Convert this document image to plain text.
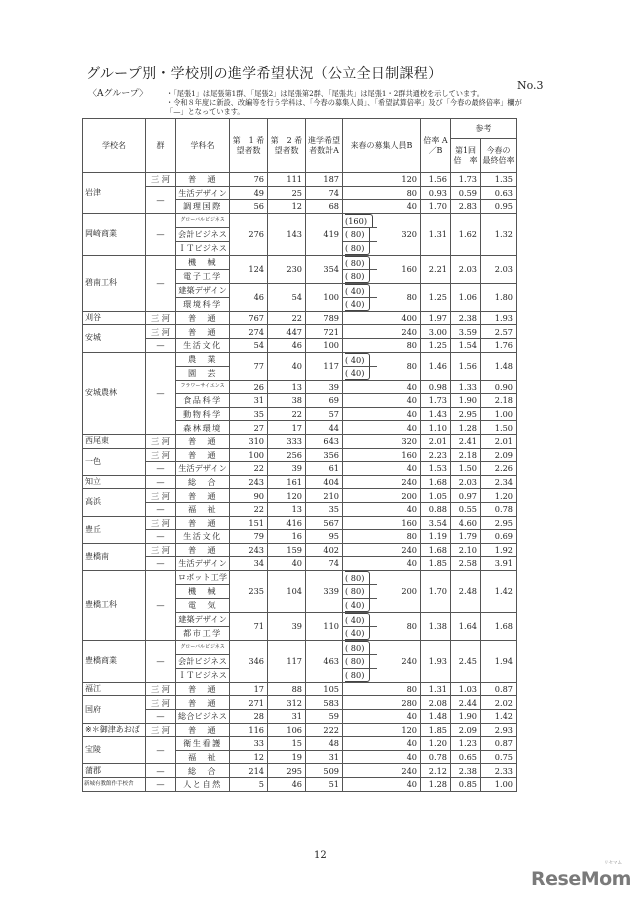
グループ別・学校別の進学希望状況（公立全日制課程）
No.3
〈Aグループ〉 ・「尾張1」は尾張第1群、「尾張2」は尾張第2群、「尾張共」は尾張1・2群共通校を示しています。
・令和８年度に新設、改編等を行う学科は、「今春の募集人員」、「希望試算倍率」及び「今春の最終倍率」欄が
「—」となっています。
学校名	群	学科名	第　1 希望者数	第　2 希望者数	進学希望者数計A	来春の募集人員B		倍率 A／B	参考	
									第1回 倍　率	今春の 最終倍率
岩津	三 河	普　通	76	111	187		120	1.56	1.73	1.35
	—	生活デザイン	49	25	74		80	0.93	0.59	0.63
		調理国際	56	12	68		40	1.70	2.83	0.95
岡崎商業	—	グローバルビジネス	276	143	419	(160)	320	1.31	1.62	1.32
		会計ビジネス				( 80)				
		ＩＴビジネス				( 80)				
碧南工科	—	機　械	124	230	354	( 80)	160	2.21	2.03	2.03
		電子工学				( 80)				
		建築デザイン	46	54	100	( 40)	80	1.25	1.06	1.80
		環境科学				( 40)				
刈谷	三 河	普　通	767	22	789		400	1.97	2.38	1.93
安城	三 河	普　通	274	447	721		240	3.00	3.59	2.57
	—	生活文化	54	46	100		80	1.25	1.54	1.76
安城農林	—	農　業	77	40	117	( 40)	80	1.46	1.56	1.48
		園　芸				( 40)				
		フラワーサイエンス	26	13	39		40	0.98	1.33	0.90
		食品科学	31	38	69		40	1.73	1.90	2.18
		動物科学	35	22	57		40	1.43	2.95	1.00
		森林環境	27	17	44		40	1.10	1.28	1.50
西尾東	三 河	普　通	310	333	643		320	2.01	2.41	2.01
一色	三 河	普　通	100	256	356		160	2.23	2.18	2.09
	—	生活デザイン	22	39	61		40	1.53	1.50	2.26
知立	—	総　合	243	161	404		240	1.68	2.03	2.34
高浜	三 河	普　通	90	120	210		200	1.05	0.97	1.20
	—	福　祉	22	13	35		40	0.88	0.55	0.78
豊丘	三 河	普　通	151	416	567		160	3.54	4.60	2.95
	—	生活文化	79	16	95		80	1.19	1.79	0.69
豊橋南	三 河	普　通	243	159	402		240	1.68	2.10	1.92
	—	生活デザイン	34	40	74		40	1.85	2.58	3.91
豊橋工科	—	ロボット工学	235	104	339	( 80)	200	1.70	2.48	1.42
		機　械				( 80)				
		電　気				( 40)				
		建築デザイン	71	39	110	( 40)	80	1.38	1.64	1.68
		都市工学				( 40)				
豊橋商業	—	グローバルビジネス	346	117	463	( 80)	240	1.93	2.45	1.94
		会計ビジネス				( 80)				
		ＩＴビジネス				( 80)				
福江	三 河	普　通	17	88	105		80	1.31	1.03	0.87
国府	三 河	普　通	271	312	583		280	2.08	2.44	2.02
	—	総合ビジネス	28	31	59		40	1.48	1.90	1.42
※＊御津あおば	三 河	普　通	116	106	222		120	1.85	2.09	2.93
宝陵	—	衛生看護	33	15	48		40	1.20	1.23	0.87
		福　祉	12	19	31		40	0.78	0.65	0.75
蒲郡	—	総　合	214	295	509		240	2.12	2.38	2.33
新城有教館作手校舎	—	人と自然	5	46	51		40	1.28	0.85	1.00
12
リセマム
ReseMom
